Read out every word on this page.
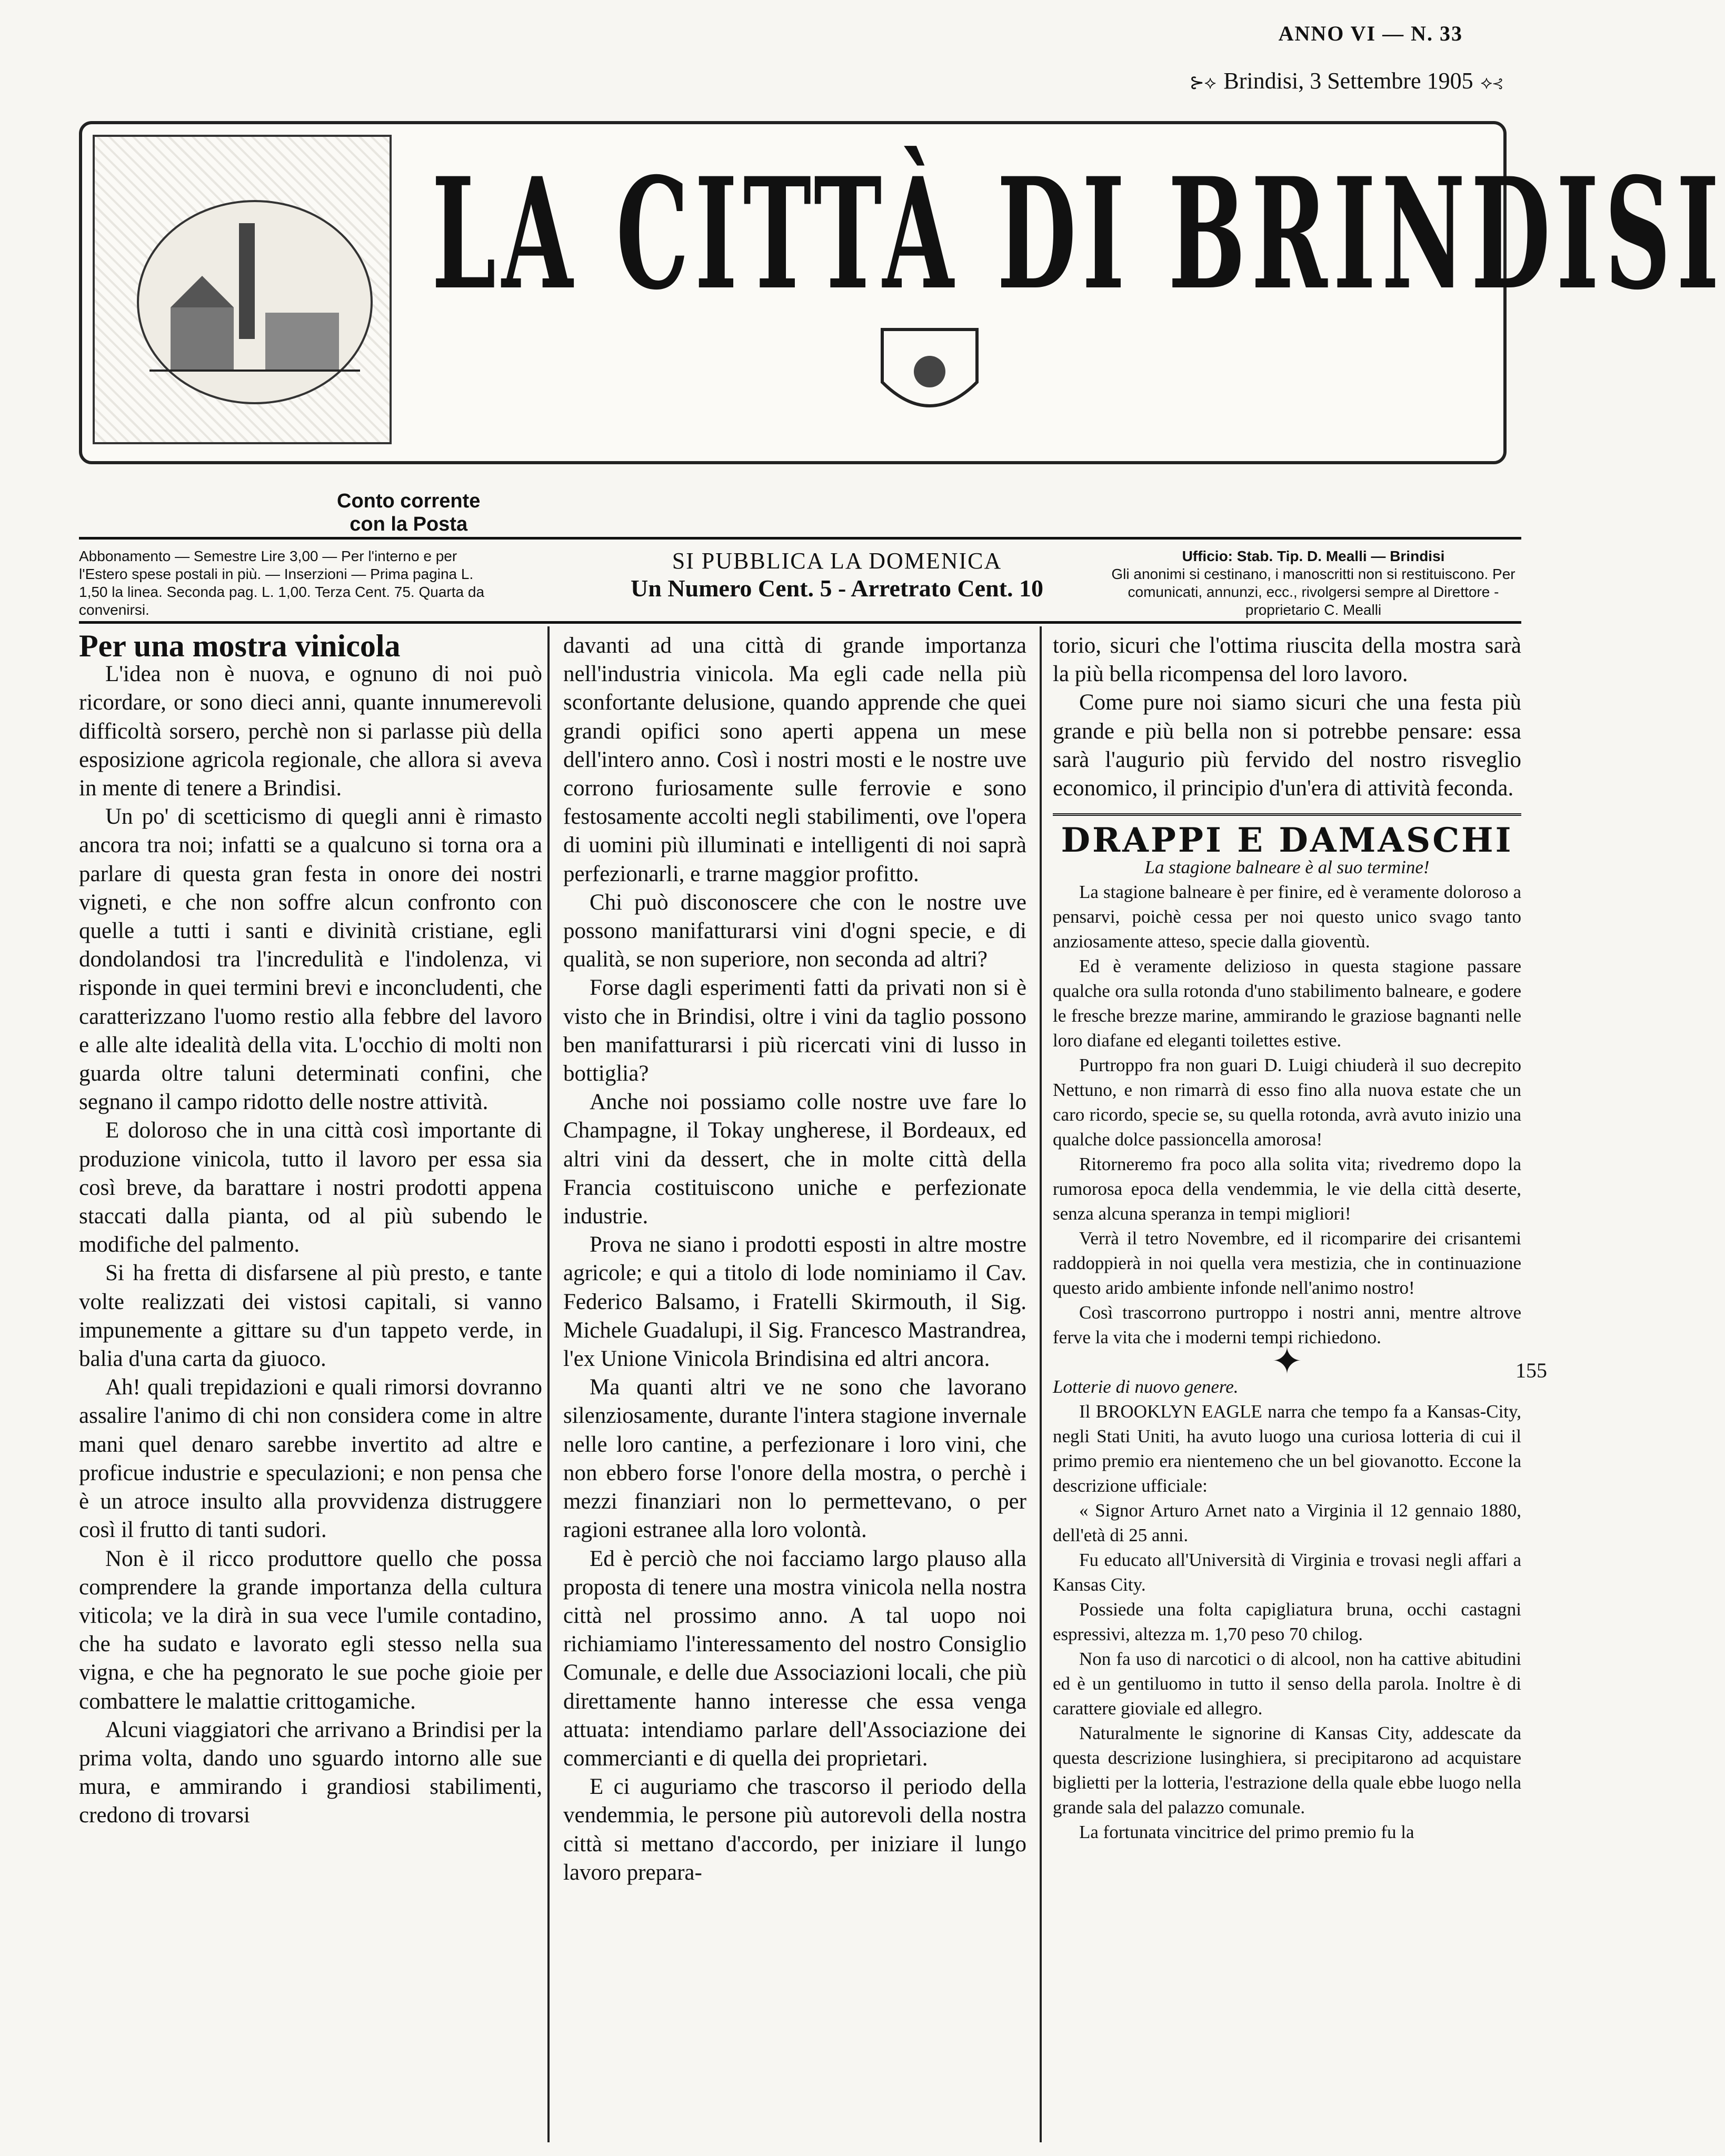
ANNO VI — N. 33
⊱⟡ Brindisi, 3 Settembre 1905 ⟡⊰
LA CITTÀ DI BRINDISI
Conto corrente
con la Posta
Abbonamento — Semestre Lire 3,00 — Per l'interno e per l'Estero spese postali in più. — Inserzioni — Prima pagina L. 1,50 la linea. Seconda pag. L. 1,00. Terza Cent. 75. Quarta da convenirsi.
SI PUBBLICA LA DOMENICA
Un Numero Cent. 5 - Arretrato Cent. 10
Ufficio: Stab. Tip. D. Mealli — Brindisi
Gli anonimi si cestinano, i manoscritti non si restituiscono. Per comunicati, annunzi, ecc., rivolgersi sempre al Direttore - proprietario C. Mealli

Per una mostra vinicola

L'idea non è nuova, e ognuno di noi può ricordare, or sono dieci anni, quante innumerevoli difficoltà sorsero, perchè non si parlasse più della esposizione agricola regionale, che allora si aveva in mente di tenere a Brindisi.

Un po' di scetticismo di quegli anni è rimasto ancora tra noi; infatti se a qualcuno si torna ora a parlare di questa gran festa in onore dei nostri vigneti, e che non soffre alcun confronto con quelle a tutti i santi e divinità cristiane, egli dondolandosi tra l'incredulità e l'indolenza, vi risponde in quei termini brevi e inconcludenti, che caratterizzano l'uomo restio alla febbre del lavoro e alle alte idealità della vita. L'occhio di molti non guarda oltre taluni determinati confini, che segnano il campo ridotto delle nostre attività.

E doloroso che in una città così importante di produzione vinicola, tutto il lavoro per essa sia così breve, da barattare i nostri prodotti appena staccati dalla pianta, od al più subendo le modifiche del palmento.

Si ha fretta di disfarsene al più presto, e tante volte realizzati dei vistosi capitali, si vanno impunemente a gittare su d'un tappeto verde, in balia d'una carta da giuoco.

Ah! quali trepidazioni e quali rimorsi dovranno assalire l'animo di chi non considera come in altre mani quel denaro sarebbe invertito ad altre e proficue industrie e speculazioni; e non pensa che è un atroce insulto alla provvidenza distruggere così il frutto di tanti sudori.

Non è il ricco produttore quello che possa comprendere la grande importanza della cultura viticola; ve la dirà in sua vece l'umile contadino, che ha sudato e lavorato egli stesso nella sua vigna, e che ha pegnorato le sue poche gioie per combattere le malattie crittogamiche.

Alcuni viaggiatori che arrivano a Brindisi per la prima volta, dando uno sguardo intorno alle sue mura, e ammirando i grandiosi stabilimenti, credono di trovarsi

davanti ad una città di grande importanza nell'industria vinicola. Ma egli cade nella più sconfortante delusione, quando apprende che quei grandi opifici sono aperti appena un mese dell'intero anno. Così i nostri mosti e le nostre uve corrono furiosamente sulle ferrovie e sono festosamente accolti negli stabilimenti, ove l'opera di uomini più illuminati e intelligenti di noi saprà perfezionarli, e trarne maggior profitto.

Chi può disconoscere che con le nostre uve possono manifatturarsi vini d'ogni specie, e di qualità, se non superiore, non seconda ad altri?

Forse dagli esperimenti fatti da privati non si è visto che in Brindisi, oltre i vini da taglio possono ben manifatturarsi i più ricercati vini di lusso in bottiglia?

Anche noi possiamo colle nostre uve fare lo Champagne, il Tokay ungherese, il Bordeaux, ed altri vini da dessert, che in molte città della Francia costituiscono uniche e perfezionate industrie.

Prova ne siano i prodotti esposti in altre mostre agricole; e qui a titolo di lode nominiamo il Cav. Federico Balsamo, i Fratelli Skirmouth, il Sig. Michele Guadalupi, il Sig. Francesco Mastrandrea, l'ex Unione Vinicola Brindisina ed altri ancora.

Ma quanti altri ve ne sono che lavorano silenziosamente, durante l'intera stagione invernale nelle loro cantine, a perfezionare i loro vini, che non ebbero forse l'onore della mostra, o perchè i mezzi finanziari non lo permettevano, o per ragioni estranee alla loro volontà.

Ed è perciò che noi facciamo largo plauso alla proposta di tenere una mostra vinicola nella nostra città nel prossimo anno. A tal uopo noi richiamiamo l'interessamento del nostro Consiglio Comunale, e delle due Associazioni locali, che più direttamente hanno interesse che essa venga attuata: intendiamo parlare dell'Associazione dei commercianti e di quella dei proprietari.

E ci auguriamo che trascorso il periodo della vendemmia, le persone più autorevoli della nostra città si mettano d'accordo, per iniziare il lungo lavoro prepara-

torio, sicuri che l'ottima riuscita della mostra sarà la più bella ricompensa del loro lavoro.

Come pure noi siamo sicuri che una festa più grande e più bella non si potrebbe pensare: essa sarà l'augurio più fervido del nostro risveglio economico, il principio d'un'era di attività feconda.

DRAPPI E DAMASCHI

La stagione balneare è al suo termine!

La stagione balneare è per finire, ed è veramente doloroso a pensarvi, poichè cessa per noi questo unico svago tanto anziosamente atteso, specie dalla gioventù.

Ed è veramente delizioso in questa stagione passare qualche ora sulla rotonda d'uno stabilimento balneare, e godere le fresche brezze marine, ammirando le graziose bagnanti nelle loro diafane ed eleganti toilettes estive.

Purtroppo fra non guari D. Luigi chiuderà il suo decrepito Nettuno, e non rimarrà di esso fino alla nuova estate che un caro ricordo, specie se, su quella rotonda, avrà avuto inizio una qualche dolce passioncella amorosa!

Ritorneremo fra poco alla solita vita; rivedremo dopo la rumorosa epoca della vendemmia, le vie della città deserte, senza alcuna speranza in tempi migliori!

Verrà il tetro Novembre, ed il ricomparire dei crisantemi raddoppierà in noi quella vera mestizia, che in continuazione questo arido ambiente infonde nell'animo nostro!

Così trascorrono purtroppo i nostri anni, mentre altrove ferve la vita che i moderni tempi richiedono.

✦

Lotterie di nuovo genere.

Il BROOKLYN EAGLE narra che tempo fa a Kansas-City, negli Stati Uniti, ha avuto luogo una curiosa lotteria di cui il primo premio era nientemeno che un bel giovanotto. Eccone la descrizione ufficiale:

« Signor Arturo Arnet nato a Virginia il 12 gennaio 1880, dell'età di 25 anni.

Fu educato all'Università di Virginia e trovasi negli affari a Kansas City.

Possiede una folta capigliatura bruna, occhi castagni espressivi, altezza m. 1,70 peso 70 chilog.

Non fa uso di narcotici o di alcool, non ha cattive abitudini ed è un gentiluomo in tutto il senso della parola. Inoltre è di carattere gioviale ed allegro.

Naturalmente le signorine di Kansas City, addescate da questa descrizione lusinghiera, si precipitarono ad acquistare biglietti per la lotteria, l'estrazione della quale ebbe luogo nella grande sala del palazzo comunale.

La fortunata vincitrice del primo premio fu la

155
